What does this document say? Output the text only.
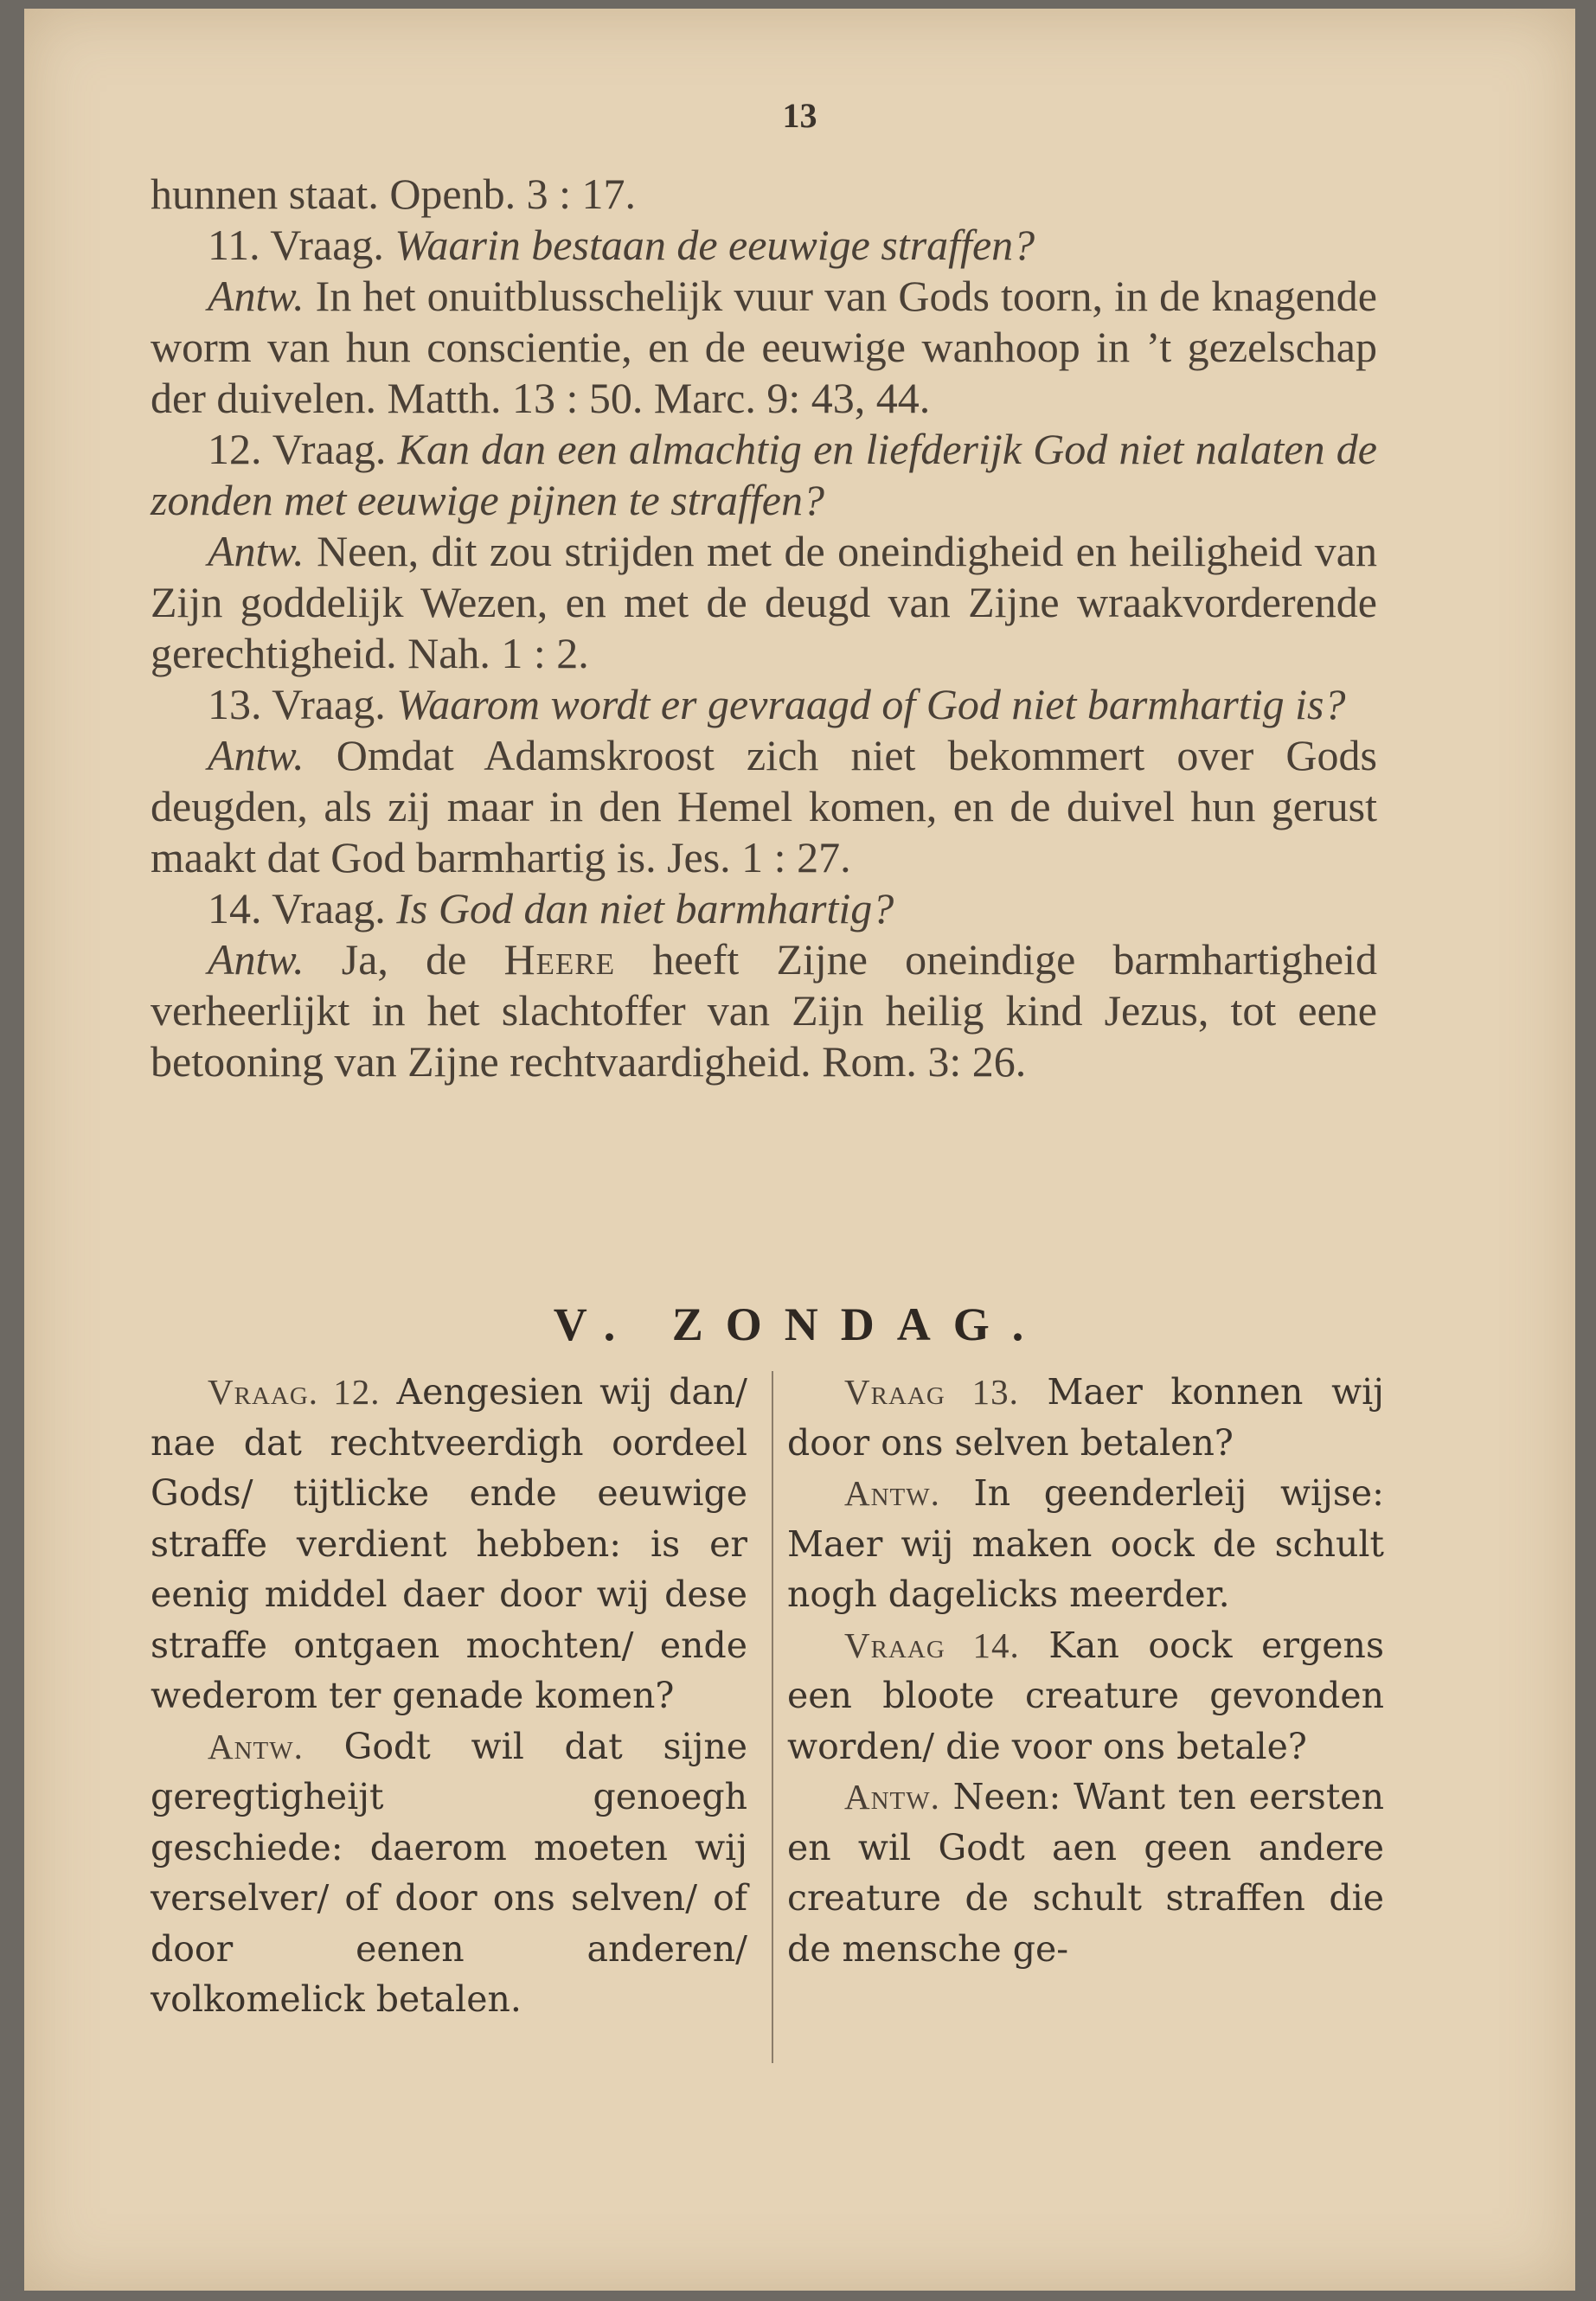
13

hunnen staat. Openb. 3 : 17.

11. Vraag. Waarin bestaan de eeuwige straffen?

Antw. In het onuitblusschelijk vuur van Gods toorn, in de knagende worm van hun conscientie, en de eeuwige wanhoop in ’t gezelschap der duivelen. Matth. 13 : 50. Marc. 9: 43, 44.

12. Vraag. Kan dan een almachtig en liefderijk God niet nalaten de zonden met eeuwige pijnen te straffen?

Antw. Neen, dit zou strijden met de oneindigheid en heiligheid van Zijn goddelijk Wezen, en met de deugd van Zijne wraakvorderende gerechtigheid. Nah. 1 : 2.

13. Vraag. Waarom wordt er gevraagd of God niet barmhartig is?

Antw. Omdat Adamskroost zich niet bekommert over Gods deugden, als zij maar in den Hemel komen, en de duivel hun gerust maakt dat God barmhartig is. Jes. 1 : 27.

14. Vraag. Is God dan niet barmhartig?

Antw. Ja, de Heere heeft Zijne oneindige barmhartigheid verheerlijkt in het slachtoffer van Zijn heilig kind Jezus, tot eene betooning van Zijne rechtvaardigheid. Rom. 3: 26.

V. ZONDAG.

Vraag. 12. Aengesien wij dan/ nae dat rechtveerdigh oordeel Gods/ tijtlicke ende eeuwige straffe verdient hebben: is er eenig middel daer door wij dese straffe ontgaen mochten/ ende wederom ter genade komen?

Antw. Godt wil dat sijne geregtigheijt genoegh geschiede: daerom moeten wij verselver/ of door ons selven/ of door eenen anderen/ volkomelick betalen.

Vraag 13. Maer konnen wij door ons selven betalen?

Antw. In geenderleij wijse: Maer wij maken oock de schult nogh dagelicks meerder.

Vraag 14. Kan oock ergens een bloote creature gevonden worden/ die voor ons betale?

Antw. Neen: Want ten eersten en wil Godt aen geen andere creature de schult straffen die de mensche ge-
